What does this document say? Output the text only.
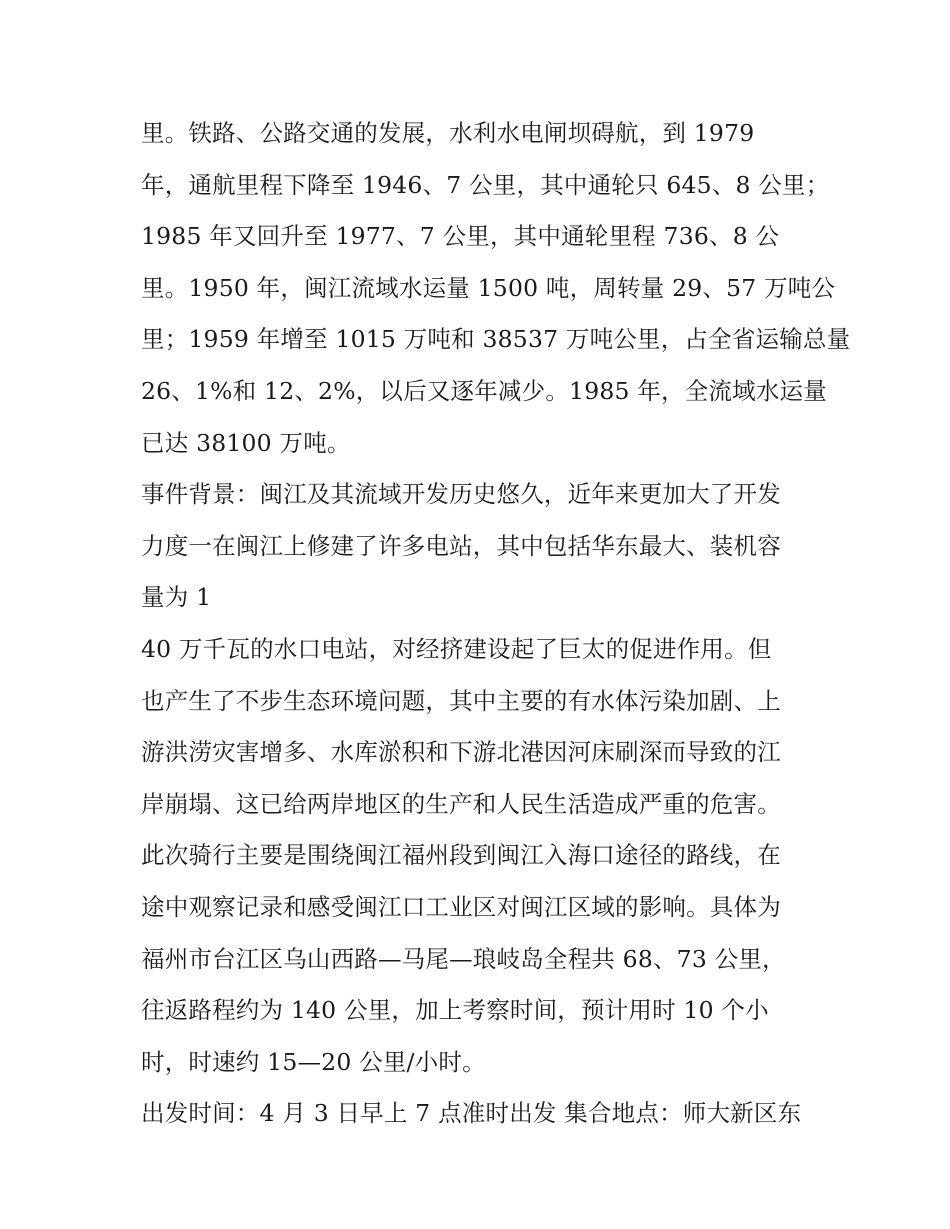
里。铁路、公路交通的发展，水利水电闸坝碍航，到 1979
年，通航里程下降至 1946、7 公里，其中通轮只 645、8 公里；
1985 年又回升至 1977、7 公里，其中通轮里程 736、8 公
里。1950 年，闽江流域水运量 1500 吨，周转量 29、57 万吨公
里；1959 年增至 1015 万吨和 38537 万吨公里，占全省运输总量
26、1%和 12、2%，以后又逐年减少。1985 年，全流域水运量
已达 38100 万吨。
事件背景：闽江及其流域开发历史悠久，近年来更加大了开发
力度一在闽江上修建了许多电站，其中包括华东最大、装机容
量为 1
40 万千瓦的水口电站，对经挤建设起了巨太的促进作用。但
也产生了不步生态环境问题，其中主要的有水体污染加剧、上
游洪涝灾害增多、水库淤积和下游北港因河床刷深而导致的江
岸崩塌、这已给两岸地区的生产和人民生活造成严重的危害。
此次骑行主要是围绕闽江福州段到闽江入海口途径的路线，在
途中观察记录和感受闽江口工业区对闽江区域的影响。具体为
福州市台江区乌山西路—马尾—琅岐岛全程共 68、73 公里，
往返路程约为 140 公里，加上考察时间，预计用时 10 个小
时，时速约 15—20 公里/小时。
出发时间：4 月 3 日早上 7 点准时出发 集合地点：师大新区东
